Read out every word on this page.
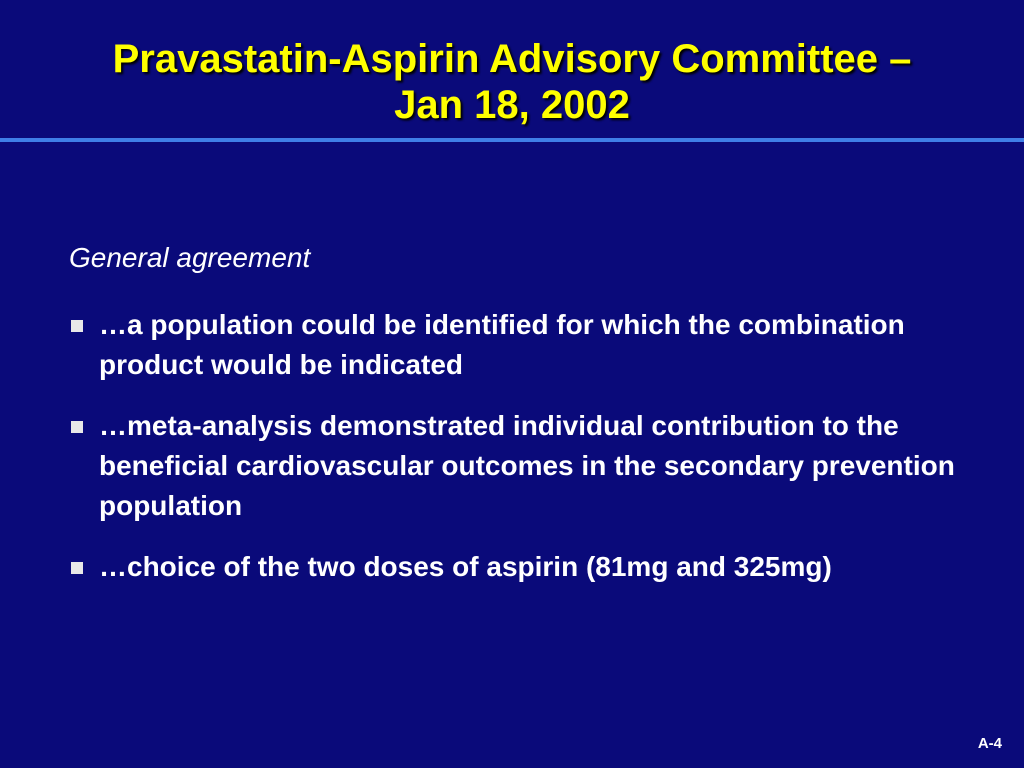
Pravastatin-Aspirin Advisory Committee –
Jan 18, 2002
General agreement
…a population could be identified for which the combination product would be indicated
…meta-analysis demonstrated individual contribution to the beneficial cardiovascular outcomes in the secondary prevention population
…choice of the two doses of aspirin (81mg and 325mg)
A-4
